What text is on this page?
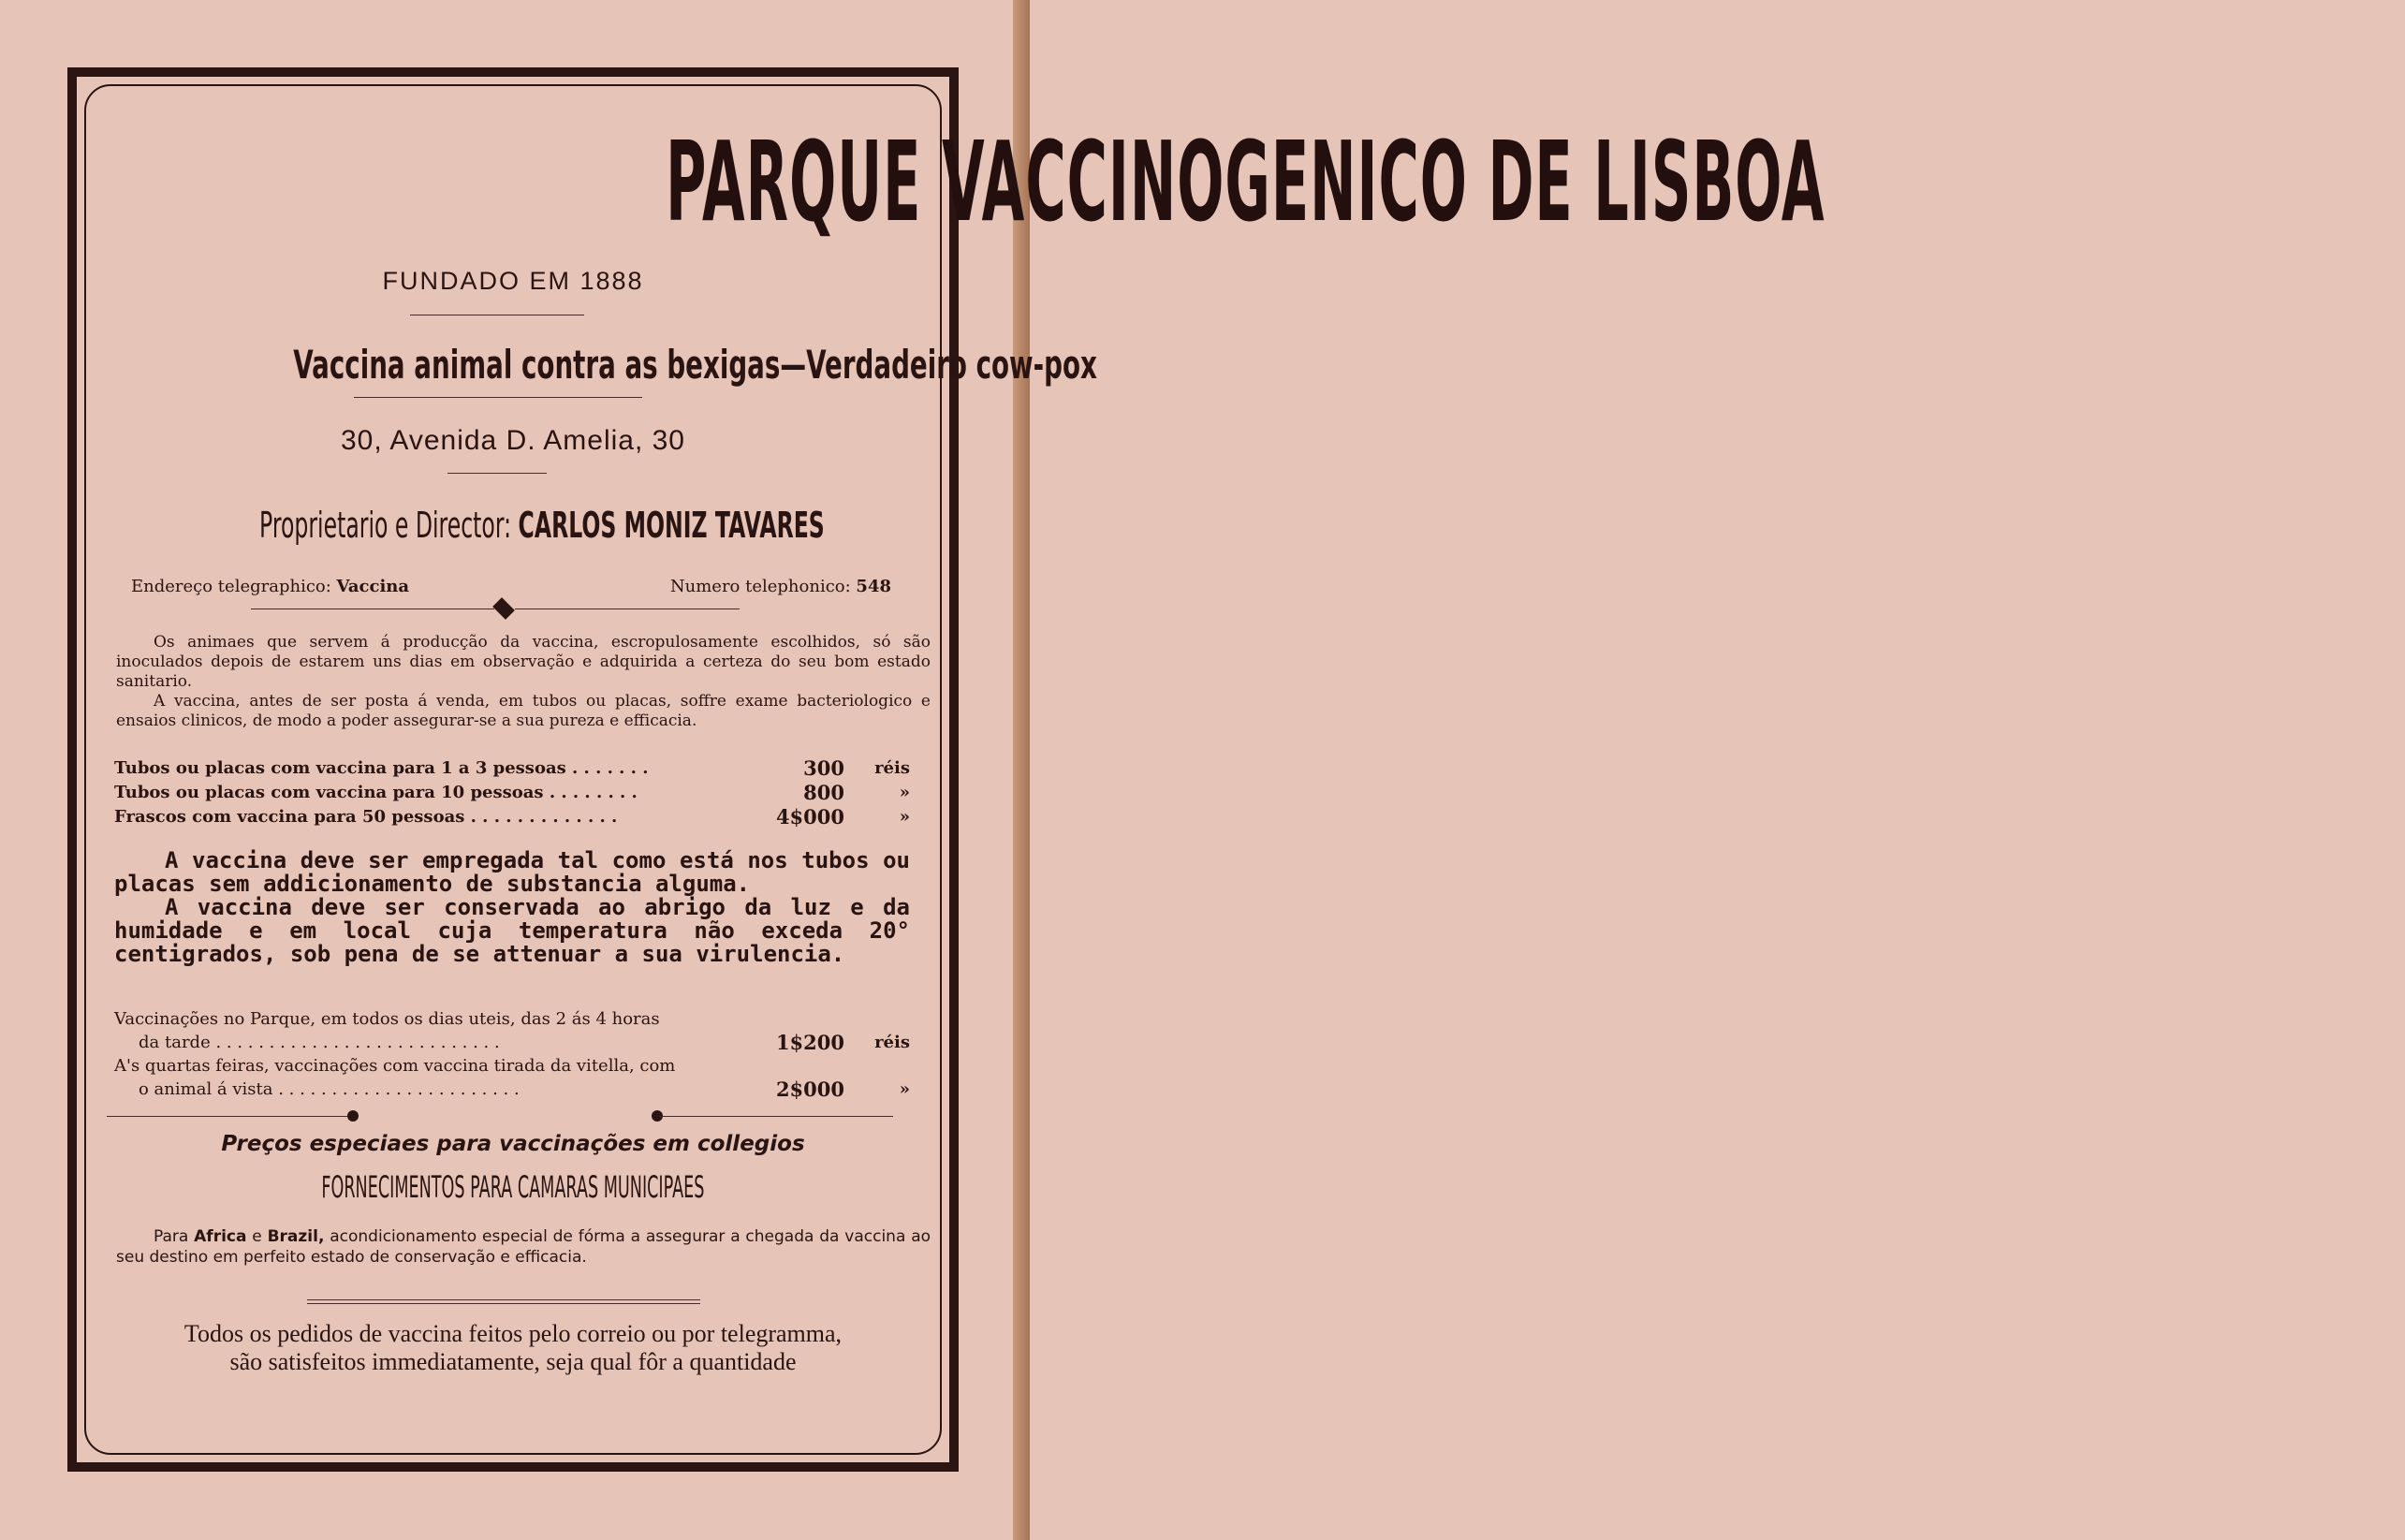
PARQUE VACCINOGENICO DE LISBOA
FUNDADO EM 1888
Vaccina animal contra as bexigas—Verdadeiro cow-pox
30, Avenida D. Amelia, 30
Proprietario e Director: CARLOS MONIZ TAVARES
Endereço telegraphico: Vaccina	Numero telephonico: 548
Os animaes que servem á producção da vaccina, escropulosamente escolhidos, só são inoculados depois de estarem uns dias em observação e adquirida a certeza do seu bom estado sanitario.
A vaccina, antes de ser posta á venda, em tubos ou placas, soffre exame bacteriologico e ensaios clinicos, de modo a poder assegurar-se a sua pureza e efficacia.
Tubos ou placas com vaccina para 1 a 3 pessoas . . . . . . .	300 réis
Tubos ou placas com vaccina para 10 pessoas . . . . . . . .	800	»
Frascos com vaccina para 50 pessoas . . . . . . . . . . . . .	4$000	»
A vaccina deve ser empregada tal como está nos tubos ou placas sem addicionamento de substancia alguma.
A vaccina deve ser conservada ao abrigo da luz e da humidade e em local cuja temperatura não exceda 20° centigrados, sob pena de se attenuar a sua virulencia.
Vaccinações no Parque, em todos os dias uteis, das 2 ás 4 horas
da tarde . . . . . . . . . . . . . . . . . . . . . . . . . . .	1$200 réis
A's quartas feiras, vaccinações com vaccina tirada da vitella, com
o animal á vista . . . . . . . . . . . . . . . . . . . . . . .	2$000	»
Preços especiaes para vaccinações em collegios
FORNECIMENTOS PARA CAMARAS MUNICIPAES
Para Africa e Brazil, acondicionamento especial de fórma a assegurar a chegada da vaccina ao seu destino em perfeito estado de conservação e efficacia.
Todos os pedidos de vaccina feitos pelo correio ou por telegramma,
são satisfeitos immediatamente, seja qual fôr a quantidade
